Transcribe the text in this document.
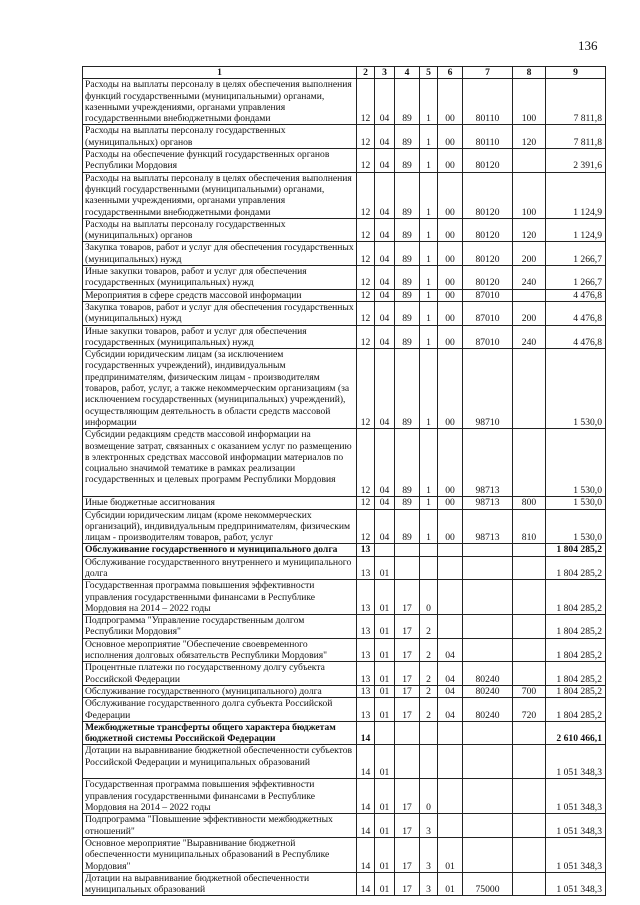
136
1	2	3	4	5	6	7	8	9
Расходы на выплаты персоналу в целях обеспечения выполнения функций государственными (муниципальными) органами, казенными учреждениями, органами управления государственными внебюджетными фондами	12	04	89	1	00	80110	100	7 811,8
Расходы на выплаты персоналу государственных (муниципальных) органов	12	04	89	1	00	80110	120	7 811,8
Расходы на обеспечение функций государственных органов Республики Мордовия	12	04	89	1	00	80120		2 391,6
Расходы на выплаты персоналу в целях обеспечения выполнения функций государственными (муниципальными) органами, казенными учреждениями, органами управления государственными внебюджетными фондами	12	04	89	1	00	80120	100	1 124,9
Расходы на выплаты персоналу государственных (муниципальных) органов	12	04	89	1	00	80120	120	1 124,9
Закупка товаров, работ и услуг для обеспечения государственных (муниципальных) нужд	12	04	89	1	00	80120	200	1 266,7
Иные закупки товаров, работ и услуг для обеспечения государственных (муниципальных) нужд	12	04	89	1	00	80120	240	1 266,7
Мероприятия в сфере средств массовой информации	12	04	89	1	00	87010		4 476,8
Закупка товаров, работ и услуг для обеспечения государственных (муниципальных) нужд	12	04	89	1	00	87010	200	4 476,8
Иные закупки товаров, работ и услуг для обеспечения государственных (муниципальных) нужд	12	04	89	1	00	87010	240	4 476,8
Субсидии юридическим лицам (за исключением государственных учреждений), индивидуальным предпринимателям, физическим лицам - производителям товаров, работ, услуг, а также некоммерческим организациям (за исключением государственных (муниципальных) учреждений), осуществляющим деятельность в области средств массовой информации	12	04	89	1	00	98710		1 530,0
Субсидии редакциям средств массовой информации на возмещение затрат, связанных с оказанием услуг по размещению в электронных средствах массовой информации материалов по социально значимой тематике в рамках реализации государственных и целевых программ Республики Мордовия	12	04	89	1	00	98713		1 530,0
Иные бюджетные ассигнования	12	04	89	1	00	98713	800	1 530,0
Субсидии юридическим лицам (кроме некоммерческих организаций), индивидуальным предпринимателям, физическим лицам - производителям товаров, работ, услуг	12	04	89	1	00	98713	810	1 530,0
Обслуживание государственного и муниципального долга	13							1 804 285,2
Обслуживание государственного внутреннего и муниципального долга	13	01						1 804 285,2
Государственная программа повышения эффективности управления государственными финансами в Республике Мордовия на 2014 – 2022 годы	13	01	17	0				1 804 285,2
Подпрограмма "Управление государственным долгом Республики Мордовия"	13	01	17	2				1 804 285,2
Основное мероприятие "Обеспечение своевременного исполнения долговых обязательств Республики Мордовия"	13	01	17	2	04			1 804 285,2
Процентные платежи по государственному долгу субъекта Российской Федерации	13	01	17	2	04	80240		1 804 285,2
Обслуживание государственного (муниципального) долга	13	01	17	2	04	80240	700	1 804 285,2
Обслуживание государственного долга субъекта Российской Федерации	13	01	17	2	04	80240	720	1 804 285,2
Межбюджетные трансферты общего характера бюджетам бюджетной системы Российской Федерации	14							2 610 466,1
Дотации на выравнивание бюджетной обеспеченности субъектов Российской Федерации и муниципальных образований	14	01						1 051 348,3
Государственная программа повышения эффективности управления государственными финансами в Республике Мордовия на 2014 – 2022 годы	14	01	17	0				1 051 348,3
Подпрограмма "Повышение эффективности межбюджетных отношений"	14	01	17	3				1 051 348,3
Основное мероприятие "Выравнивание бюджетной обеспеченности муниципальных образований в Республике Мордовия"	14	01	17	3	01			1 051 348,3
Дотации на выравнивание бюджетной обеспеченности муниципальных образований	14	01	17	3	01	75000		1 051 348,3
